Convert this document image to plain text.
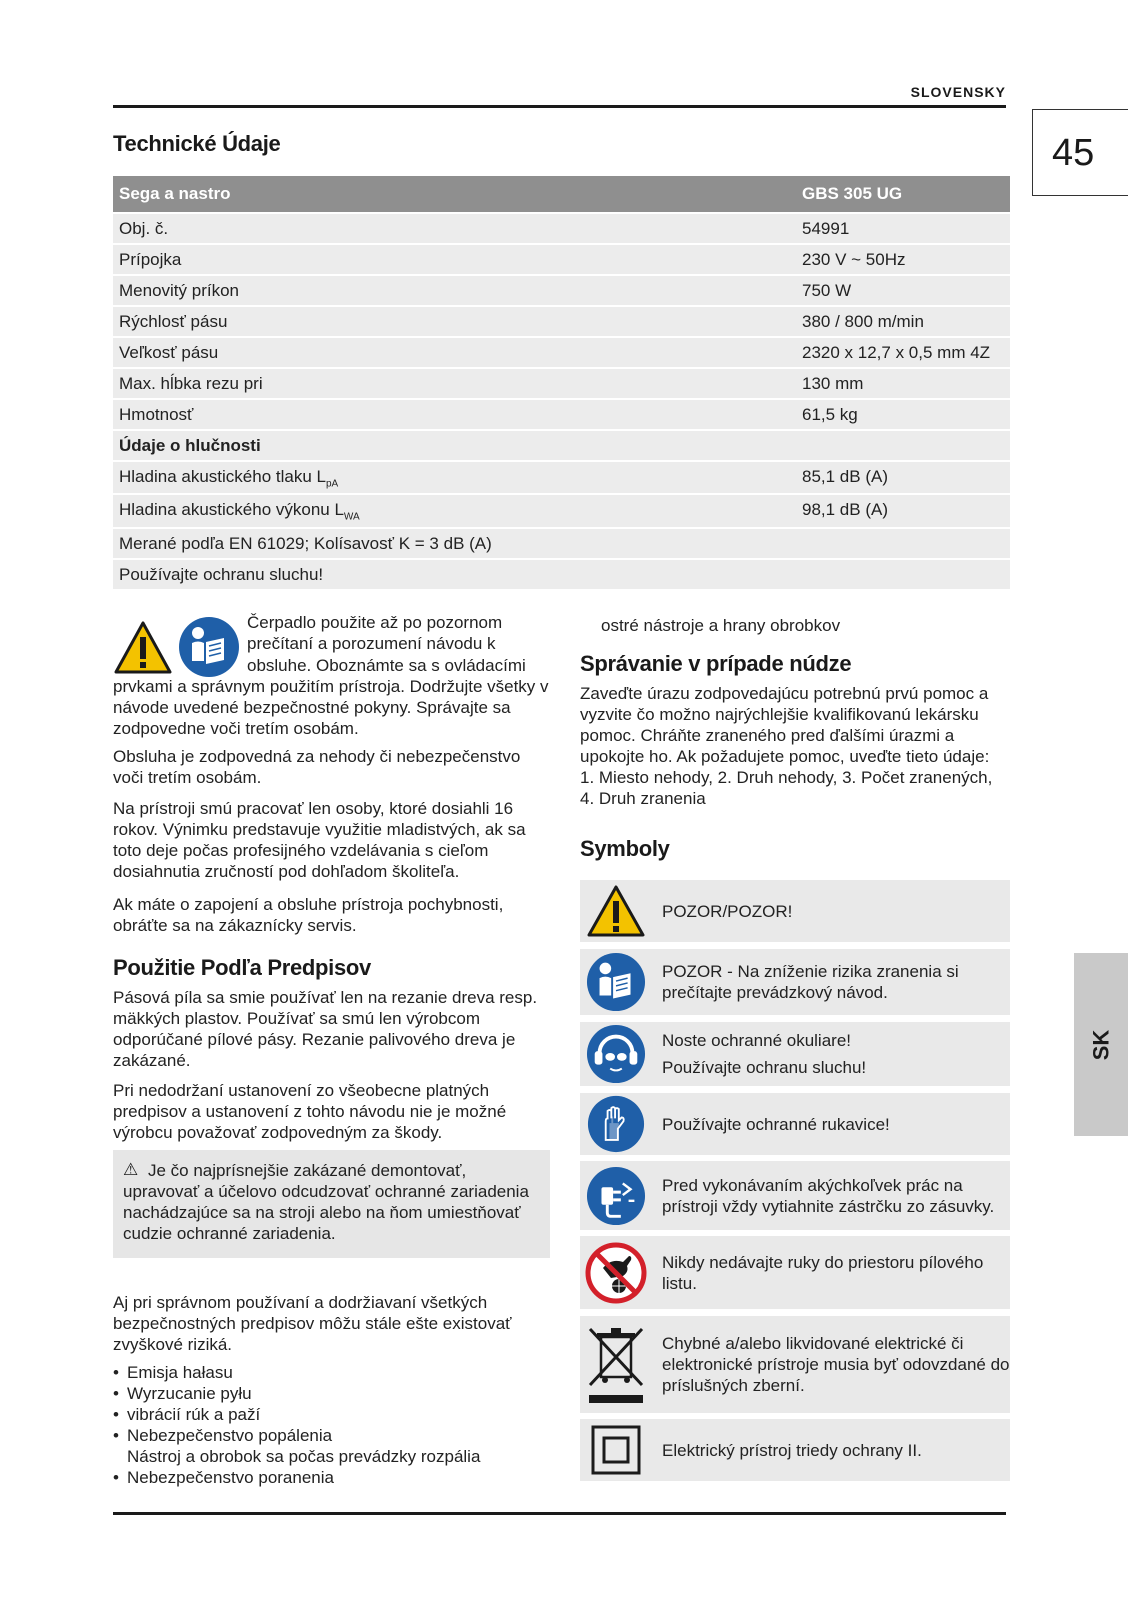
SLOVENSKY
45
SK
Technické Údaje
Sega a nastro	GBS 305 UG
Obj. č.	54991
Prípojka	230 V ~ 50Hz
Menovitý príkon	750 W
Rýchlosť pásu	380 / 800 m/min
Veľkosť pásu	2320 x 12,7 x 0,5 mm 4Z
Max. hĺbka rezu pri	130 mm
Hmotnosť	61,5 kg
Údaje o hlučnosti
Hladina akustického tlaku $L_{pA}$	85,1 dB (A)
Hladina akustického výkonu $L_{WA}$	98,1 dB (A)
Merané podľa EN 61029; Kolísavosť K = 3 dB (A)
Používajte ochranu sluchu!

Čerpadlo použite až po pozornom

prečítaní a porozumení návodu k

obsluhe. Oboznámte sa s ovládacími

prvkami a správnym použitím prístroja. Dodržujte všetky v návode uvedené bezpečnostné pokyny. Správajte sa zodpovedne voči tretím osobám.

Obsluha je zodpovedná za nehody či nebezpečenstvo voči tretím osobám.

Na prístroji smú pracovať len osoby, ktoré dosiahli 16 rokov. Výnimku predstavuje využitie mladistvých, ak sa toto deje počas profesijného vzdelávania s cieľom dosiahnutia zručností pod dohľadom školiteľa.

Ak máte o zapojení a obsluhe prístroja pochybnosti, obráťte sa na zákaznícky servis.

Použitie Podľa Predpisov

Pásová píla sa smie používať len na rezanie dreva resp. mäkkých plastov. Používať sa smú len výrobcom odporúčané pílové pásy. Rezanie palivového dreva je zakázané.

Pri nedodržaní ustanovení zo všeobecne platných predpisov a ustanovení z tohto návodu nie je možné výrobcu považovať zodpovedným za škody.

⚠ Je čo najprísnejšie zakázané demontovať, upravovať a účelovo odcudzovať ochranné zariadenia nachádzajúce sa na stroji alebo na ňom umiestňovať cudzie ochranné zariadenia.

Aj pri správnom používaní a dodržiavaní všetkých bezpečnostných predpisov môžu stále ešte existovať zvyškové riziká.

• Emisja hałasu
• Wyrzucanie pyłu
• vibrácií rúk a paží
• Nebezpečenstvo popálenia
Nástroj a obrobok sa počas prevádzky rozpália
• Nebezpečenstvo poranenia

ostré nástroje a hrany obrobkov

Správanie v prípade núdze

Zaveďte úrazu zodpovedajúcu potrebnú prvú pomoc a vyzvite čo možno najrýchlejšie kvalifikovanú lekársku pomoc. Chráňte zraneného pred ďalšími úrazmi a upokojte ho. Ak požadujete pomoc, uveďte tieto údaje: 1. Miesto nehody, 2. Druh nehody, 3. Počet zranených, 4. Druh zranenia

Symboly
POZOR/POZOR!
POZOR - Na zníženie rizika zranenia si prečítajte prevádzkový návod.
Noste ochranné okuliare!
Používajte ochranu sluchu!
Používajte ochranné rukavice!
Pred vykonávaním akýchkoľvek prác na prístroji vždy vytiahnite zástrčku zo zásuvky.
Nikdy nedávajte ruky do priestoru pílového listu.
Chybné a/alebo likvidované elektrické či elektronické prístroje musia byť odovzdané do príslušných zberní.
Elektrický prístroj triedy ochrany II.
